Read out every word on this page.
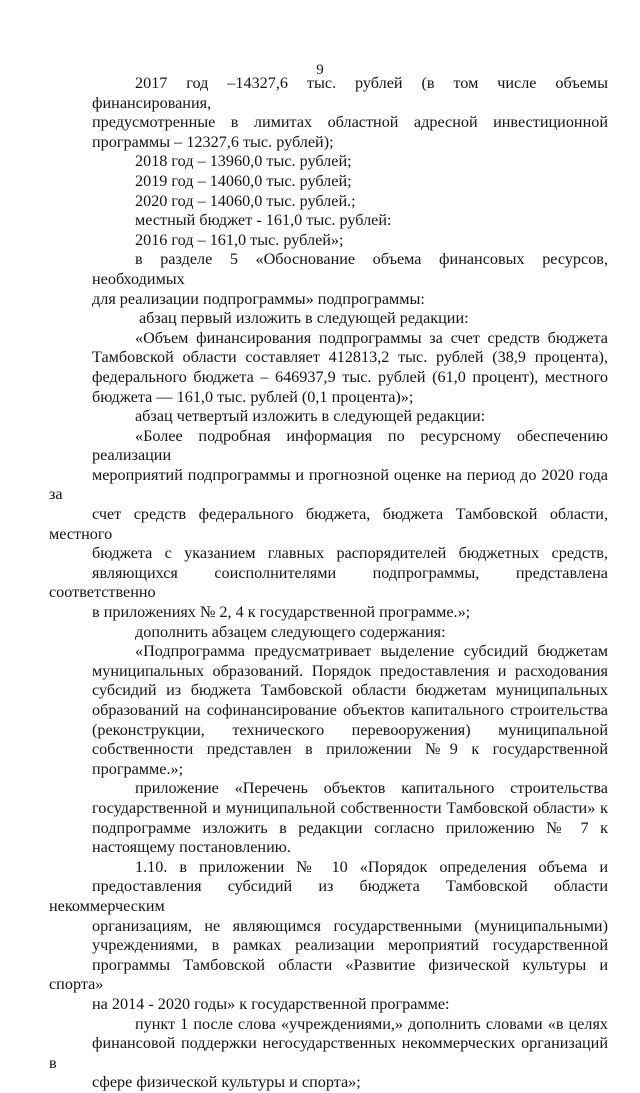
9

2017 год –14327,6 тыс. рублей (в том числе объемы финансирования,
предусмотренные в лимитах областной адресной инвестиционной
программы – 12327,6 тыс. рублей);

2018 год – 13960,0 тыс. рублей;

2019 год – 14060,0 тыс. рублей;

2020 год – 14060,0 тыс. рублей.;

местный бюджет - 161,0 тыс. рублей:

2016 год – 161,0 тыс. рублей»;

в разделе 5 «Обоснование объема финансовых ресурсов, необходимых
для реализации подпрограммы» подпрограммы:

абзац первый изложить в следующей редакции:

«Объем финансирования подпрограммы за счет средств бюджета
Тамбовской области составляет 412813,2 тыс. рублей (38,9 процента),
федерального бюджета – 646937,9 тыс. рублей (61,0 процент), местного
бюджета –– 161,0 тыс. рублей (0,1 процента)»;

абзац четвертый изложить в следующей редакции:

«Более подробная информация по ресурсному обеспечению реализации
мероприятий подпрограммы и прогнозной оценке на период до 2020 года за
счет средств федерального бюджета, бюджета Тамбовской области, местного
бюджета с указанием главных распорядителей бюджетных средств,
являющихся соисполнителями подпрограммы, представлена соответственно
в приложениях № 2, 4 к государственной программе.»;

дополнить абзацем следующего содержания:

«Подпрограмма предусматривает выделение субсидий бюджетам
муниципальных образований. Порядок предоставления и расходования
субсидий из бюджета Тамбовской области бюджетам муниципальных
образований на софинансирование объектов капитального строительства
(реконструкции, технического перевооружения) муниципальной
собственности представлен в приложении №9 к государственной
программе.»;

приложение «Перечень объектов капитального строительства
государственной и муниципальной собственности Тамбовской области» к
подпрограмме изложить в редакции согласно приложению № 7 к
настоящему постановлению.

1.10. в приложении № 10 «Порядок определения объема и
предоставления субсидий из бюджета Тамбовской области некоммерческим
организациям, не являющимся государственными (муниципальными)
учреждениями, в рамках реализации мероприятий государственной
программы Тамбовской области «Развитие физической культуры и спорта»
на 2014 - 2020 годы» к государственной программе:

пункт 1 после слова «учреждениями,» дополнить словами «в целях
финансовой поддержки негосударственных некоммерческих организаций в
сфере физической культуры и спорта»;
